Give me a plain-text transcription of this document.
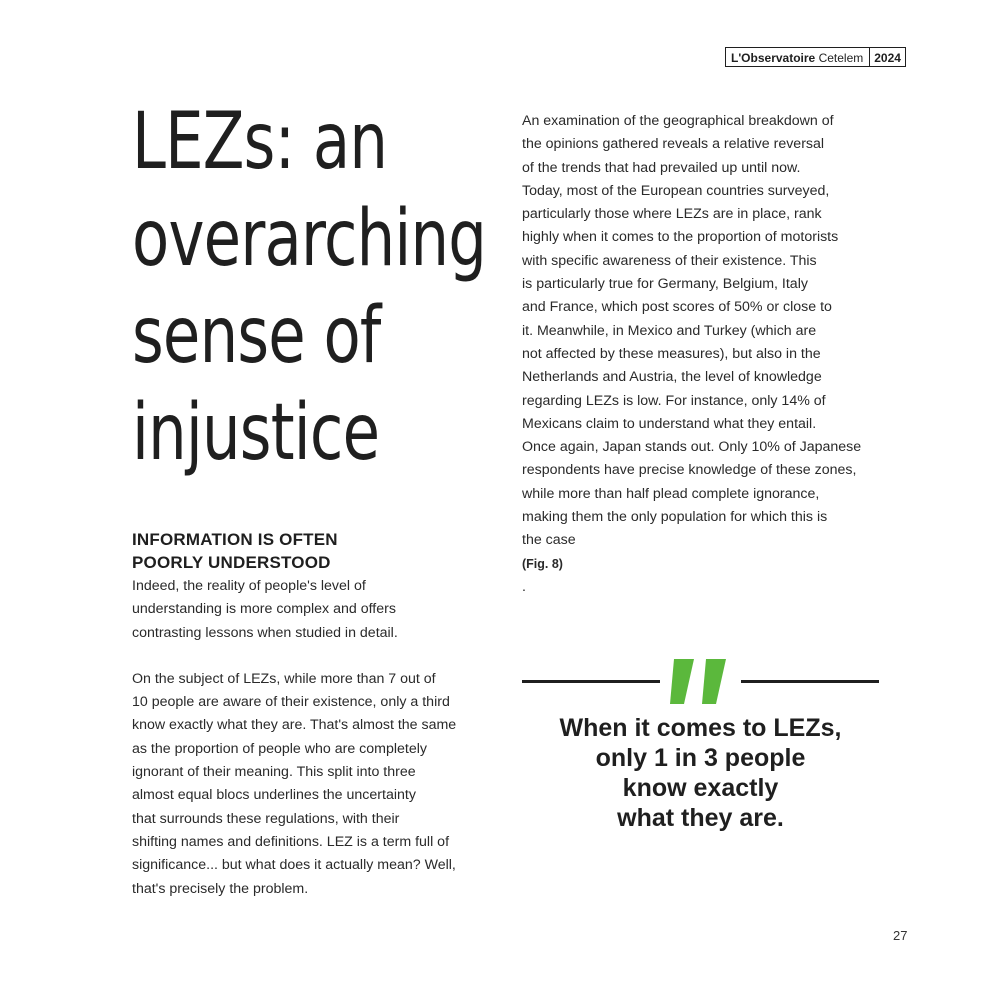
L'Observatoire Cetelem 2024
LEZs: an
overarching
sense of
injustice
INFORMATION IS OFTEN
POORLY UNDERSTOOD

Indeed, the reality of people's level of
understanding is more complex and offers
contrasting lessons when studied in detail.

On the subject of LEZs, while more than 7 out of
10 people are aware of their existence, only a third
know exactly what they are. That's almost the same
as the proportion of people who are completely
ignorant of their meaning. This split into three
almost equal blocs underlines the uncertainty
that surrounds these regulations, with their
shifting names and definitions. LEZ is a term full of
significance... but what does it actually mean? Well,
that's precisely the problem.

An examination of the geographical breakdown of
the opinions gathered reveals a relative reversal
of the trends that had prevailed up until now.
Today, most of the European countries surveyed,
particularly those where LEZs are in place, rank
highly when it comes to the proportion of motorists
with specific awareness of their existence. This
is particularly true for Germany, Belgium, Italy
and France, which post scores of 50% or close to
it. Meanwhile, in Mexico and Turkey (which are
not affected by these measures), but also in the
Netherlands and Austria, the level of knowledge
regarding LEZs is low. For instance, only 14% of
Mexicans claim to understand what they entail.
Once again, Japan stands out. Only 10% of Japanese
respondents have precise knowledge of these zones,
while more than half plead complete ignorance,
making them the only population for which this is
the case
(Fig. 8)
.

When it comes to LEZs,
only 1 in 3 people
know exactly
what they are.
27
